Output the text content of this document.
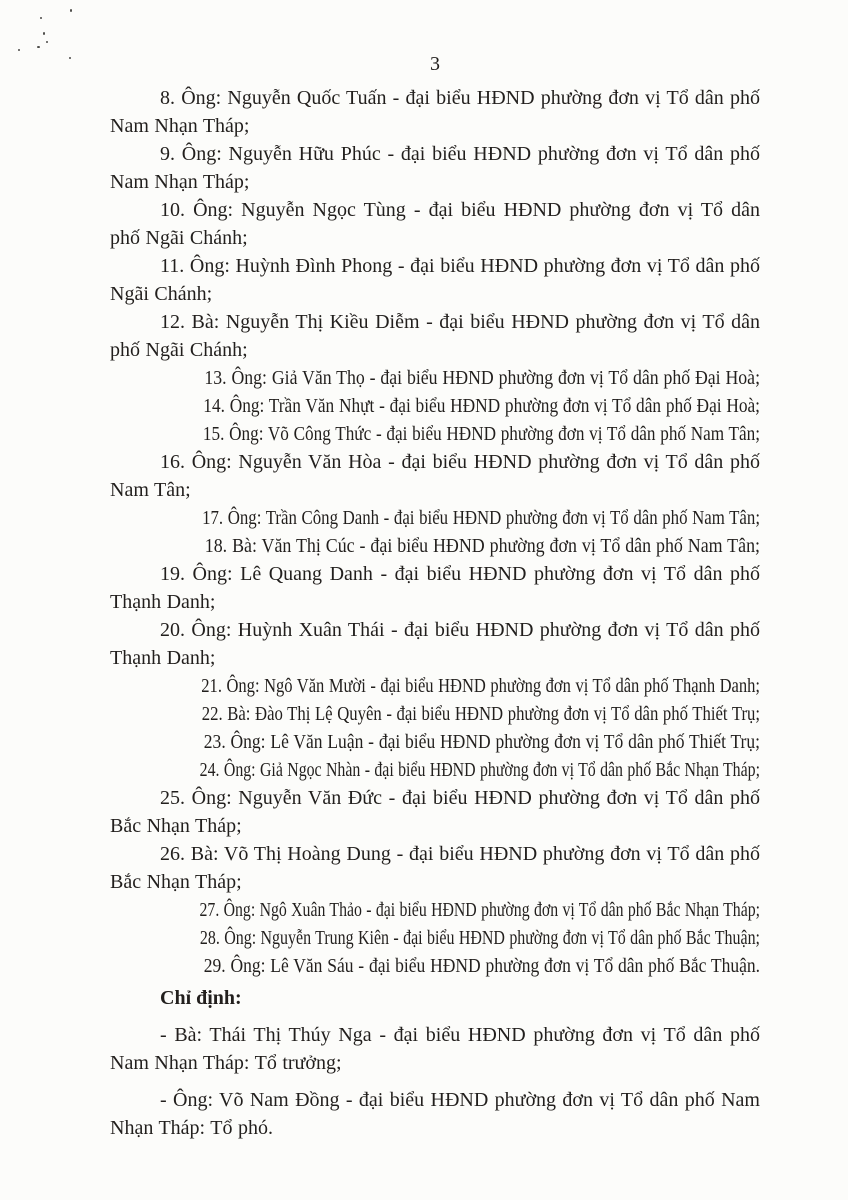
3

8. Ông: Nguyễn Quốc Tuấn - đại biểu HĐND phường đơn vị Tổ dân phố Nam Nhạn Tháp;

9. Ông: Nguyễn Hữu Phúc - đại biểu HĐND phường đơn vị Tổ dân phố Nam Nhạn Tháp;

10. Ông: Nguyễn Ngọc Tùng - đại biểu HĐND phường đơn vị Tổ dân phố Ngãi Chánh;

11. Ông: Huỳnh Đình Phong - đại biểu HĐND phường đơn vị Tổ dân phố Ngãi Chánh;

12. Bà: Nguyễn Thị Kiều Diễm - đại biểu HĐND phường đơn vị Tổ dân phố Ngãi Chánh;

13. Ông: Giả Văn Thọ - đại biểu HĐND phường đơn vị Tổ dân phố Đại Hoà;

14. Ông: Trần Văn Nhựt - đại biểu HĐND phường đơn vị Tổ dân phố Đại Hoà;

15. Ông: Võ Công Thức - đại biểu HĐND phường đơn vị Tổ dân phố Nam Tân;

16. Ông: Nguyễn Văn Hòa - đại biểu HĐND phường đơn vị Tổ dân phố Nam Tân;

17. Ông: Trần Công Danh - đại biểu HĐND phường đơn vị Tổ dân phố Nam Tân;

18. Bà: Văn Thị Cúc - đại biểu HĐND phường đơn vị Tổ dân phố Nam Tân;

19. Ông: Lê Quang Danh - đại biểu HĐND phường đơn vị Tổ dân phố Thạnh Danh;

20. Ông: Huỳnh Xuân Thái - đại biểu HĐND phường đơn vị Tổ dân phố Thạnh Danh;

21. Ông: Ngô Văn Mười - đại biểu HĐND phường đơn vị Tổ dân phố Thạnh Danh;

22. Bà: Đào Thị Lệ Quyên - đại biểu HĐND phường đơn vị Tổ dân phố Thiết Trụ;

23. Ông: Lê Văn Luận - đại biểu HĐND phường đơn vị Tổ dân phố Thiết Trụ;

24. Ông: Giả Ngọc Nhàn - đại biểu HĐND phường đơn vị Tổ dân phố Bắc Nhạn Tháp;

25. Ông: Nguyễn Văn Đức - đại biểu HĐND phường đơn vị Tổ dân phố Bắc Nhạn Tháp;

26. Bà: Võ Thị Hoàng Dung - đại biểu HĐND phường đơn vị Tổ dân phố Bắc Nhạn Tháp;

27. Ông: Ngô Xuân Thảo - đại biểu HĐND phường đơn vị Tổ dân phố Bắc Nhạn Tháp;

28. Ông: Nguyễn Trung Kiên - đại biểu HĐND phường đơn vị Tổ dân phố Bắc Thuận;

29. Ông: Lê Văn Sáu - đại biểu HĐND phường đơn vị Tổ dân phố Bắc Thuận.

Chỉ định:

- Bà: Thái Thị Thúy Nga - đại biểu HĐND phường đơn vị Tổ dân phố Nam Nhạn Tháp: Tổ trưởng;

- Ông: Võ Nam Đồng - đại biểu HĐND phường đơn vị Tổ dân phố Nam Nhạn Tháp: Tổ phó.
